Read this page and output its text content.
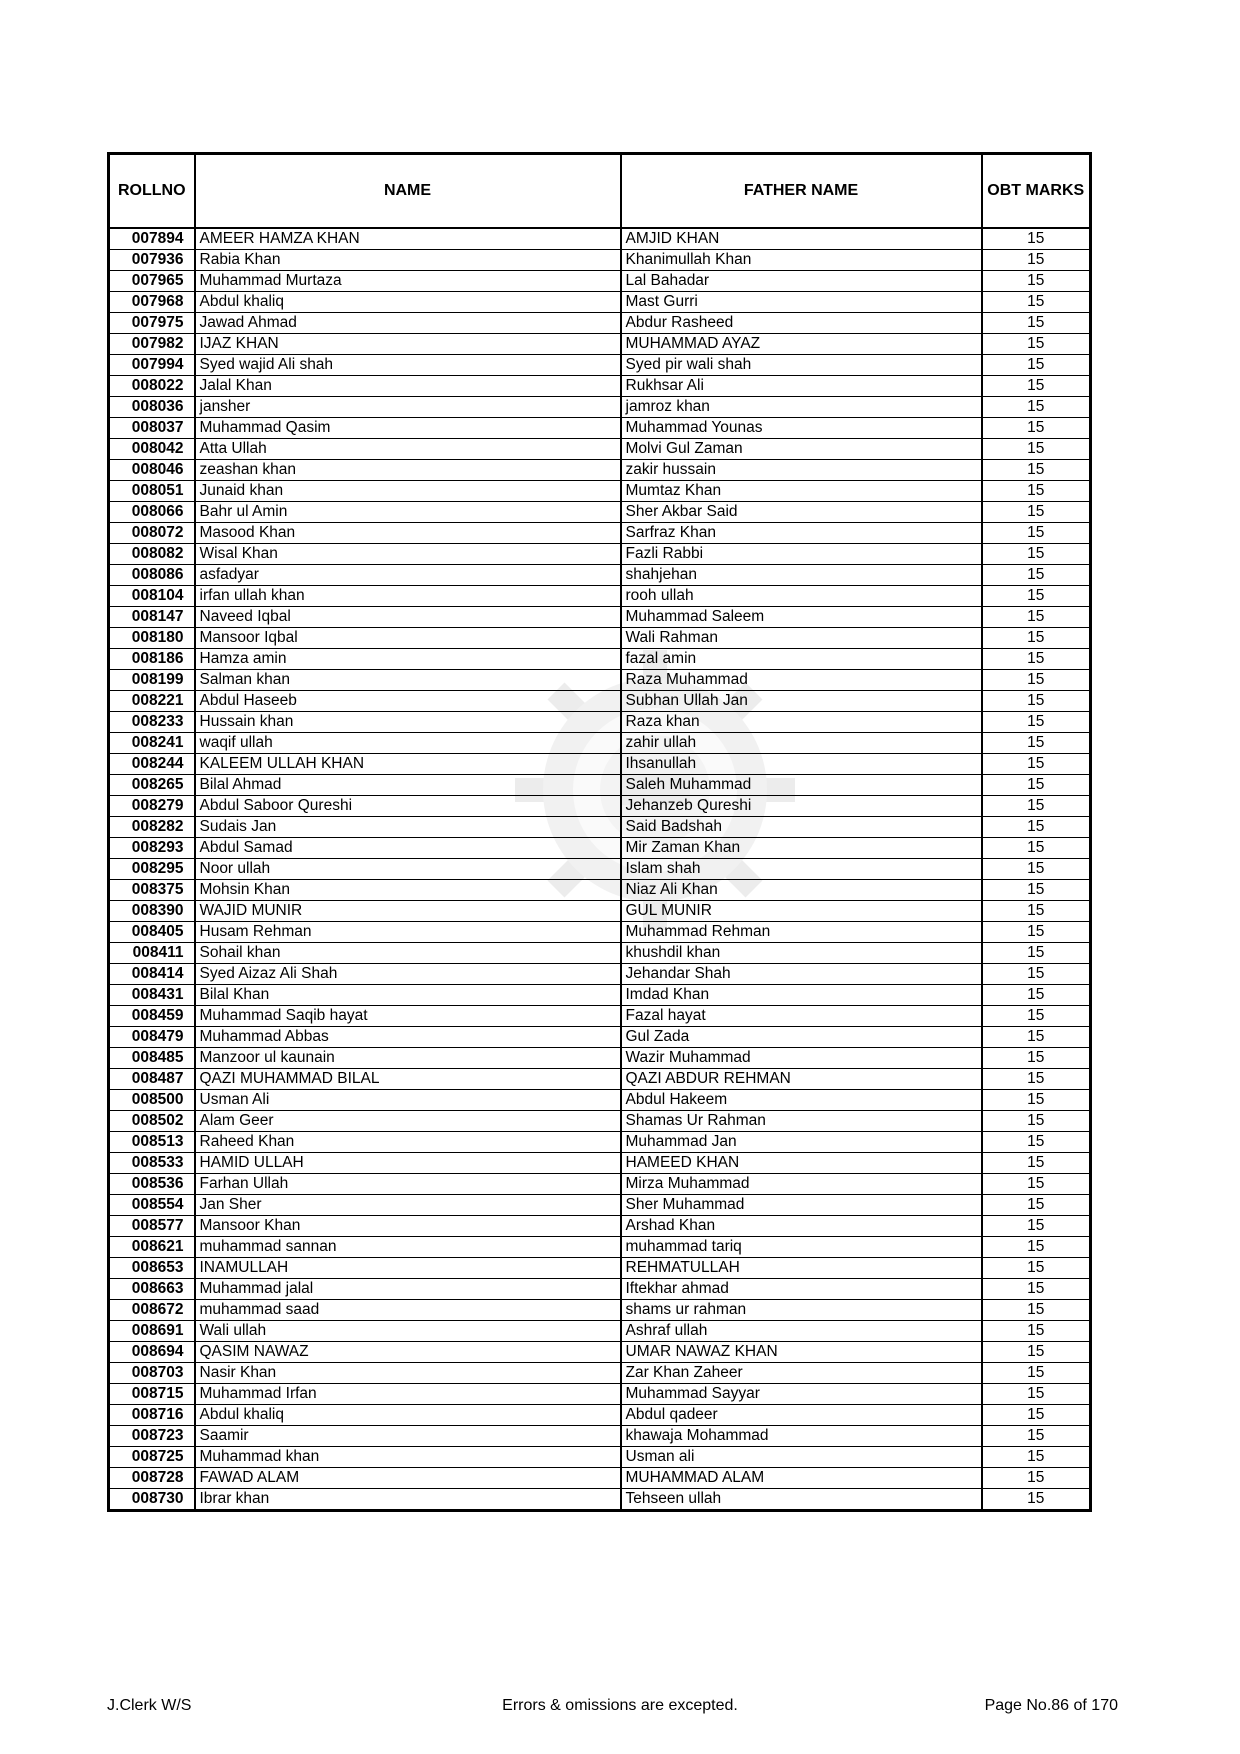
ROLLNO	NAME	FATHER NAME	OBT MARKS
007894	AMEER HAMZA KHAN	AMJID KHAN	15
007936	Rabia Khan	Khanimullah Khan	15
007965	Muhammad Murtaza	Lal Bahadar	15
007968	Abdul khaliq	Mast Gurri	15
007975	Jawad Ahmad	Abdur Rasheed	15
007982	IJAZ KHAN	MUHAMMAD AYAZ	15
007994	Syed wajid Ali shah	Syed pir wali shah	15
008022	Jalal Khan	Rukhsar Ali	15
008036	jansher	jamroz khan	15
008037	Muhammad Qasim	Muhammad Younas	15
008042	Atta Ullah	Molvi Gul Zaman	15
008046	zeashan khan	zakir hussain	15
008051	Junaid khan	Mumtaz Khan	15
008066	Bahr ul Amin	Sher Akbar Said	15
008072	Masood Khan	Sarfraz Khan	15
008082	Wisal Khan	Fazli Rabbi	15
008086	asfadyar	shahjehan	15
008104	irfan ullah khan	rooh ullah	15
008147	Naveed Iqbal	Muhammad Saleem	15
008180	Mansoor Iqbal	Wali Rahman	15
008186	Hamza amin	fazal amin	15
008199	Salman khan	Raza Muhammad	15
008221	Abdul Haseeb	Subhan Ullah Jan	15
008233	Hussain khan	Raza khan	15
008241	waqif ullah	zahir ullah	15
008244	KALEEM ULLAH KHAN	Ihsanullah	15
008265	Bilal Ahmad	Saleh Muhammad	15
008279	Abdul Saboor Qureshi	Jehanzeb Qureshi	15
008282	Sudais Jan	Said Badshah	15
008293	Abdul Samad	Mir Zaman Khan	15
008295	Noor ullah	Islam shah	15
008375	Mohsin Khan	Niaz Ali Khan	15
008390	WAJID MUNIR	GUL MUNIR	15
008405	Husam Rehman	Muhammad Rehman	15
008411	Sohail khan	khushdil khan	15
008414	Syed Aizaz Ali Shah	Jehandar Shah	15
008431	Bilal Khan	Imdad Khan	15
008459	Muhammad Saqib hayat	Fazal hayat	15
008479	Muhammad Abbas	Gul Zada	15
008485	Manzoor ul kaunain	Wazir Muhammad	15
008487	QAZI MUHAMMAD BILAL	QAZI ABDUR REHMAN	15
008500	Usman Ali	Abdul Hakeem	15
008502	Alam Geer	Shamas Ur Rahman	15
008513	Raheed Khan	Muhammad Jan	15
008533	HAMID ULLAH	HAMEED KHAN	15
008536	Farhan Ullah	Mirza Muhammad	15
008554	Jan Sher	Sher Muhammad	15
008577	Mansoor Khan	Arshad Khan	15
008621	muhammad sannan	muhammad tariq	15
008653	INAMULLAH	REHMATULLAH	15
008663	Muhammad jalal	Iftekhar ahmad	15
008672	muhammad saad	shams ur rahman	15
008691	Wali ullah	Ashraf ullah	15
008694	QASIM NAWAZ	UMAR NAWAZ KHAN	15
008703	Nasir Khan	Zar Khan Zaheer	15
008715	Muhammad Irfan	Muhammad Sayyar	15
008716	Abdul khaliq	Abdul qadeer	15
008723	Saamir	khawaja Mohammad	15
008725	Muhammad khan	Usman ali	15
008728	FAWAD ALAM	MUHAMMAD ALAM	15
008730	Ibrar khan	Tehseen ullah	15
J.Clerk W/S	Errors & omissions are excepted.	Page No.86 of 170
